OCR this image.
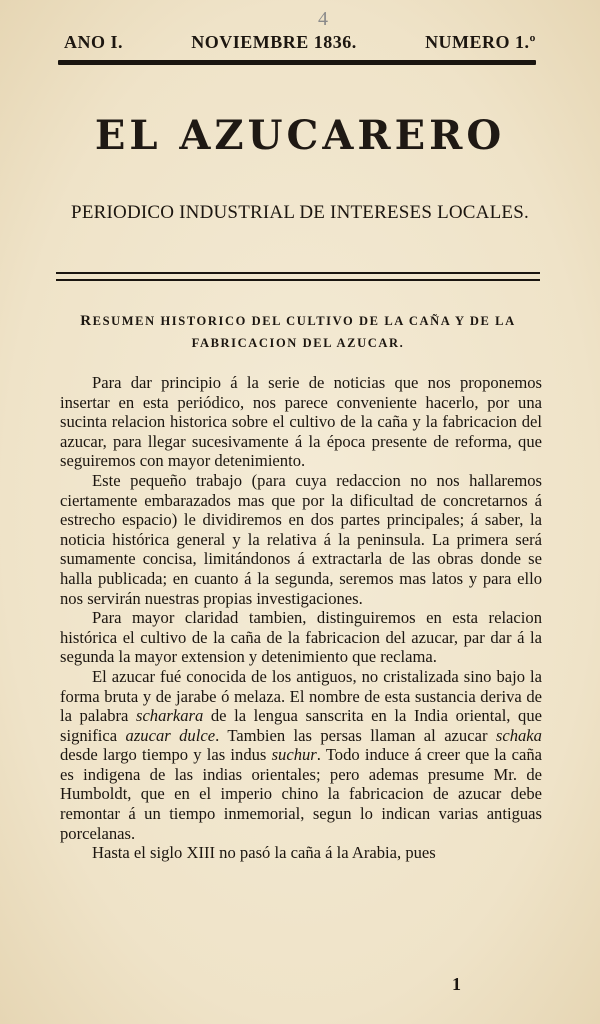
4
ANO I.	NOVIEMBRE 1836.	NUMERO 1.º
EL AZUCARERO
PERIODICO INDUSTRIAL DE INTERESES LOCALES.
RESUMEN HISTORICO DEL CULTIVO DE LA CAÑA Y DE LA
FABRICACION DEL AZUCAR.

Para dar principio á la serie de noticias que nos proponemos insertar en esta periódico, nos parece conveniente hacerlo, por una sucinta relacion historica sobre el cultivo de la caña y la fabricacion del azucar, para llegar sucesivamente á la época presente de reforma, que seguiremos con mayor detenimiento.

Este pequeño trabajo (para cuya redaccion no nos hallaremos ciertamente embarazados mas que por la dificultad de concretarnos á estrecho espacio) le dividiremos en dos partes principales; á saber, la noticia histórica general y la relativa á la peninsula. La primera será sumamente concisa, limitándonos á extractarla de las obras donde se halla publicada; en cuanto á la segunda, seremos mas latos y para ello nos servirán nuestras propias investigaciones.

Para mayor claridad tambien, distinguiremos en esta relacion histórica el cultivo de la caña de la fabricacion del azucar, par dar á la segunda la mayor extension y detenimiento que reclama.

El azucar fué conocida de los antiguos, no cristalizada sino bajo la forma bruta y de jarabe ó melaza. El nombre de esta sustancia deriva de la palabra scharkara de la lengua sanscrita en la India oriental, que significa azucar dulce. Tambien las persas llaman al azucar schaka desde largo tiempo y las indus suchur. Todo induce á creer que la caña es indigena de las indias orientales; pero ademas presume Mr. de Humboldt, que en el imperio chino la fabricacion de azucar debe remontar á un tiempo inmemorial, segun lo indican varias antiguas porcelanas.

Hasta el siglo XIII no pasó la caña á la Arabia, pues

1
